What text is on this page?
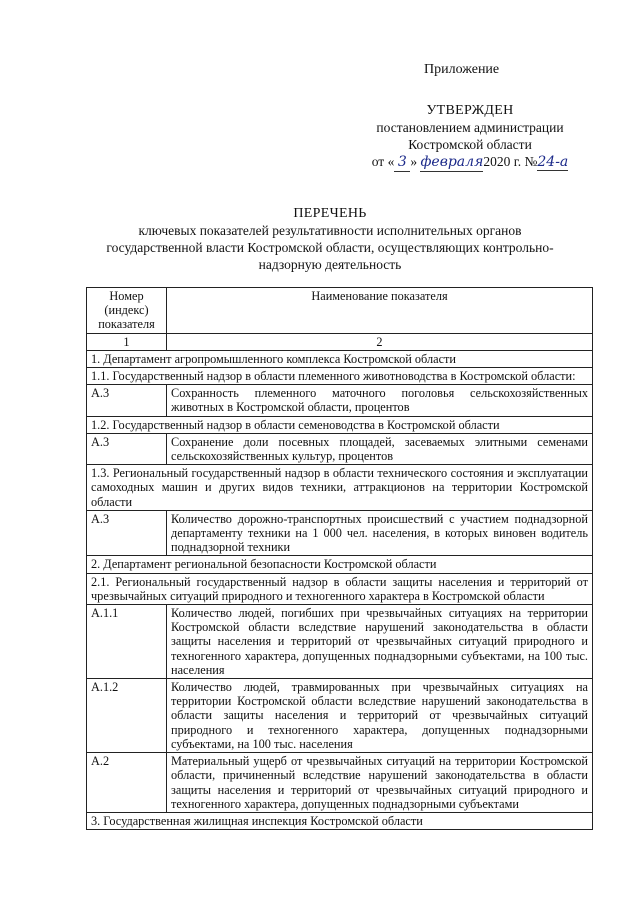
Приложение
УТВЕРЖДЕН
постановлением администрации
Костромской области
от « 3 » февраля2020 г. №24-а
ПЕРЕЧЕНЬ
ключевых показателей результативности исполнительных органов государственной власти Костромской области, осуществляющих контрольно-надзорную деятельность
Номер (индекс) показателя	Наименование показателя
1	2
1. Департамент агропромышленного комплекса Костромской области	
1.1. Государственный надзор в области племенного животноводства в Костромской области:	
А.3	Сохранность племенного маточного поголовья сельскохозяйственных животных в Костромской области, процентов
1.2. Государственный надзор в области семеноводства в Костромской области	
А.3	Сохранение доли посевных площадей, засеваемых элитными семенами сельскохозяйственных культур, процентов
1.3. Региональный государственный надзор в области технического состояния и эксплуатации самоходных машин и других видов техники, аттракционов на территории Костромской области	
А.3	Количество дорожно-транспортных происшествий с участием поднадзорной департаменту техники на 1 000 чел. населения, в которых виновен водитель поднадзорной техники
2. Департамент региональной безопасности Костромской области	
2.1. Региональный государственный надзор в области защиты населения и территорий от чрезвычайных ситуаций природного и техногенного характера в Костромской области	
А.1.1	Количество людей, погибших при чрезвычайных ситуациях на территории Костромской области вследствие нарушений законодательства в области защиты населения и территорий от чрезвычайных ситуаций природного и техногенного характера, допущенных поднадзорными субъектами, на 100 тыс. населения
А.1.2	Количество людей, травмированных при чрезвычайных ситуациях на территории Костромской области вследствие нарушений законодательства в области защиты населения и территорий от чрезвычайных ситуаций природного и техногенного характера, допущенных поднадзорными субъектами, на 100 тыс. населения
А.2	Материальный ущерб от чрезвычайных ситуаций на территории Костромской области, причиненный вследствие нарушений законодательства в области защиты населения и территорий от чрезвычайных ситуаций природного и техногенного характера, допущенных поднадзорными субъектами
3. Государственная жилищная инспекция Костромской области	
